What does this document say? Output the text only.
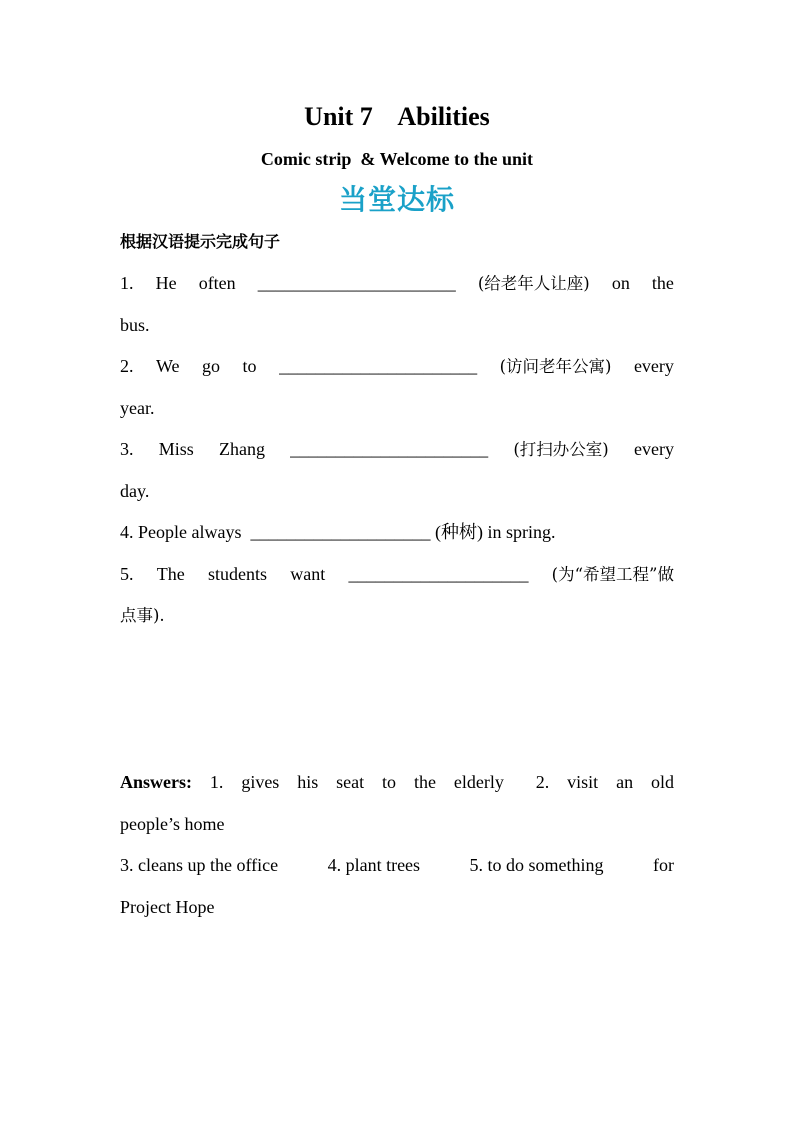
Unit 7    Abilities
Comic strip  & Welcome to the unit
当堂达标
根据汉语提示完成句子
1. He often ______________________ (给老年人让座) on the
bus.
2. We go to ______________________ (访问老年公寓) every
year.
3. Miss Zhang ______________________ (打扫办公室) every
day.
4. People always  ____________________ (种树) in spring.
5. The students want ____________________ (为“希望工程”做
点事).
Answers: 1. gives his seat to the elderly 2. visit an old
people’s home
3. cleans up the office	4. plant trees	5. to do something	for
Project Hope
